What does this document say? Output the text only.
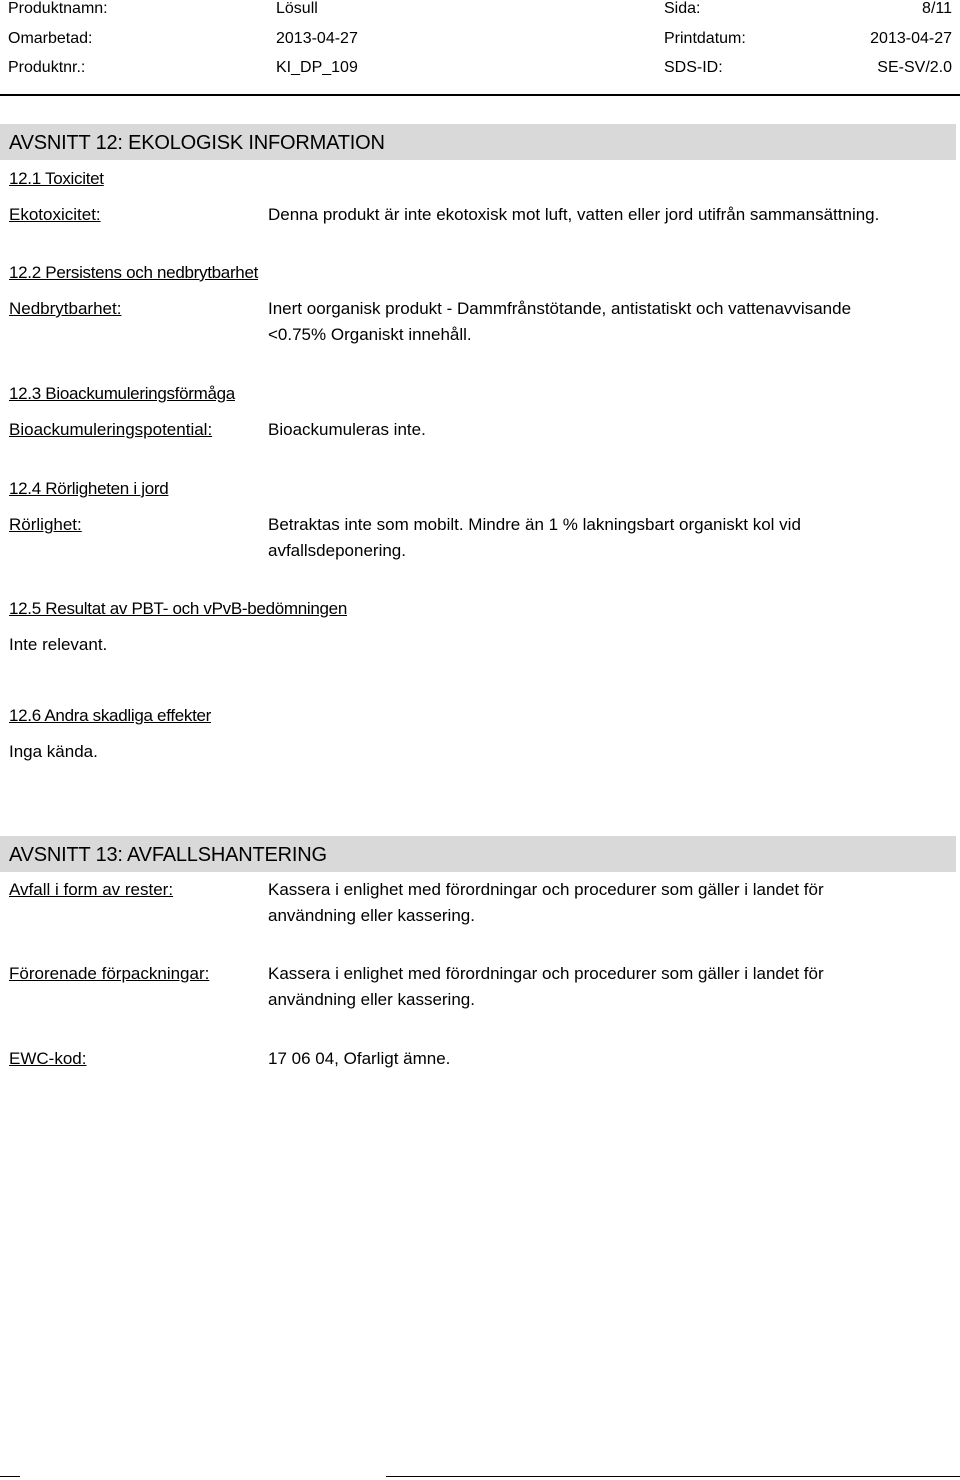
Produktnamn:	Lösull	Sida:	8/11
Omarbetad:	2013-04-27	Printdatum:	2013-04-27
Produktnr.:	KI_DP_109	SDS-ID:	SE-SV/2.0
AVSNITT 12: EKOLOGISK INFORMATION
12.1 Toxicitet
Ekotoxicitet:	Denna produkt är inte ekotoxisk mot luft, vatten eller jord utifrån sammansättning.
12.2 Persistens och nedbrytbarhet
Nedbrytbarhet:	Inert oorganisk produkt - Dammfrånstötande, antistatiskt och vattenavvisande
<0.75% Organiskt innehåll.
12.3 Bioackumuleringsförmåga
Bioackumuleringspotential:	Bioackumuleras inte.
12.4 Rörligheten i jord
Rörlighet:	Betraktas inte som mobilt. Mindre än 1 % lakningsbart organiskt kol vid
avfallsdeponering.
12.5 Resultat av PBT- och vPvB-bedömningen
Inte relevant.
12.6 Andra skadliga effekter
Inga kända.
AVSNITT 13: AVFALLSHANTERING
Avfall i form av rester:	Kassera i enlighet med förordningar och procedurer som gäller i landet för
användning eller kassering.
Förorenade förpackningar:	Kassera i enlighet med förordningar och procedurer som gäller i landet för
användning eller kassering.
EWC-kod:	17 06 04, Ofarligt ämne.
